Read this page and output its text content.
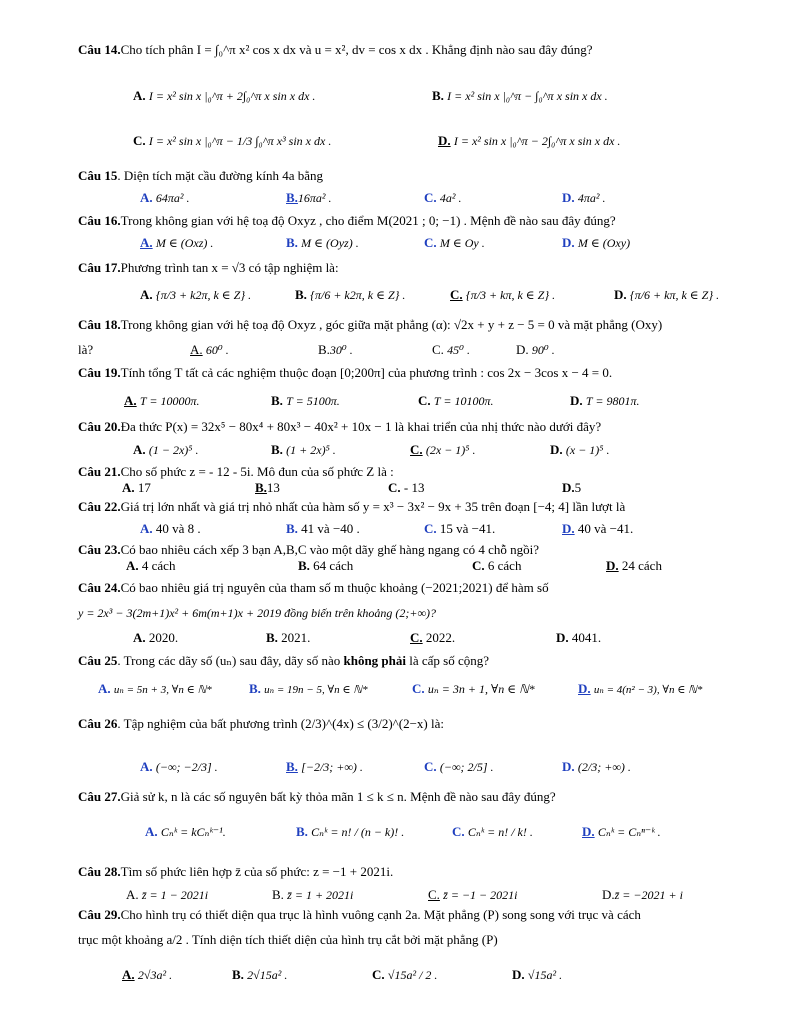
Câu 14.Cho tích phân I = ∫₀^π x² cos x dx và u = x², dv = cos x dx . Khẳng định nào sau đây đúng?
A. I = x² sin x |₀^π + 2∫₀^π x sin x dx .	B. I = x² sin x |₀^π − ∫₀^π x sin x dx .
C. I = x² sin x |₀^π − 1/3 ∫₀^π x³ sin x dx .	D. I = x² sin x |₀^π − 2∫₀^π x sin x dx .
Câu 15. Diện tích mặt cầu đường kính 4a bằng
A. 64πa² .	B.16πa² .	C. 4a² .	D. 4πa² .
Câu 16.Trong không gian với hệ toạ độ Oxyz , cho điểm M(2021 ; 0; −1) . Mệnh đề nào sau đây đúng?
A. M ∈ (Oxz) .	B. M ∈ (Oyz) .	C. M ∈ Oy .	D. M ∈ (Oxy)
Câu 17.Phương trình tan x = √3 có tập nghiệm là:
A. {π/3 + k2π, k ∈ Z} .	B. {π/6 + k2π, k ∈ Z} .	C. {π/3 + kπ, k ∈ Z} .	D. {π/6 + kπ, k ∈ Z} .
Câu 18.Trong không gian với hệ toạ độ Oxyz , góc giữa mặt phẳng (α): √2x + y + z − 5 = 0 và mặt phẳng (Oxy)
là?	A. 60⁰ .	B.30⁰ .	C. 45⁰ .	D. 90⁰ .
Câu 19.Tính tổng T tất cả các nghiệm thuộc đoạn [0;200π] của phương trình : cos 2x − 3cos x − 4 = 0.
A. T = 10000π.	B. T = 5100π.	C. T = 10100π.	D. T = 9801π.
Câu 20.Đa thức P(x) = 32x⁵ − 80x⁴ + 80x³ − 40x² + 10x − 1 là khai triển của nhị thức nào dưới đây?
A. (1 − 2x)⁵ .	B. (1 + 2x)⁵ .	C. (2x − 1)⁵ .	D. (x − 1)⁵ .
Câu 21.Cho số phức z = - 12 - 5i. Mô đun của số phức Z là :
A. 17	B.13	C. - 13	D.5
Câu 22.Giá trị lớn nhất và giá trị nhỏ nhất của hàm số y = x³ − 3x² − 9x + 35 trên đoạn [−4; 4] lần lượt là
A. 40 và 8 .	B. 41 và −40 .	C. 15 và −41.	D. 40 và −41.
Câu 23.Có bao nhiêu cách xếp 3 bạn A,B,C vào một dãy ghế hàng ngang có 4 chỗ ngồi?
A. 4 cách	B. 64 cách	C. 6 cách	D. 24 cách
Câu 24.Có bao nhiêu giá trị nguyên của tham số m thuộc khoảng (−2021;2021) để hàm số
y = 2x³ − 3(2m+1)x² + 6m(m+1)x + 2019 đồng biến trên khoảng (2;+∞)?
A. 2020.	B. 2021.	C. 2022.	D. 4041.
Câu 25. Trong các dãy số (uₙ) sau đây, dãy số nào không phải là cấp số cộng?
A. uₙ = 5n + 3, ∀n ∈ ℕ*	B. uₙ = 19n − 5, ∀n ∈ ℕ*	C. uₙ = 3n + 1, ∀n ∈ ℕ*	D. uₙ = 4(n² − 3), ∀n ∈ ℕ*
Câu 26. Tập nghiệm của bất phương trình (2/3)^(4x) ≤ (3/2)^(2−x) là:
A. (−∞; −2/3] .	B. [−2/3; +∞) .	C. (−∞; 2/5] .	D. (2/3; +∞) .
Câu 27.Giả sử k, n là các số nguyên bất kỳ thỏa mãn 1 ≤ k ≤ n. Mệnh đề nào sau đây đúng?
A. Cₙᵏ = kCₙᵏ⁻¹.	B. Cₙᵏ = n! / (n − k)! .	C. Cₙᵏ = n! / k! .	D. Cₙᵏ = Cₙⁿ⁻ᵏ .
Câu 28.Tìm số phức liên hợp z̄ của số phức: z = −1 + 2021i.
A. z̄ = 1 − 2021i	B. z̄ = 1 + 2021i	C. z̄ = −1 − 2021i	D.z̄ = −2021 + i
Câu 29.Cho hình trụ có thiết diện qua trục là hình vuông cạnh 2a. Mặt phẳng (P) song song với trục và cách
trục một khoảng a/2 . Tính diện tích thiết diện của hình trụ cắt bởi mặt phẳng (P)
A. 2√3a² .	B. 2√15a² .	C. √15a² / 2 .	D. √15a² .
